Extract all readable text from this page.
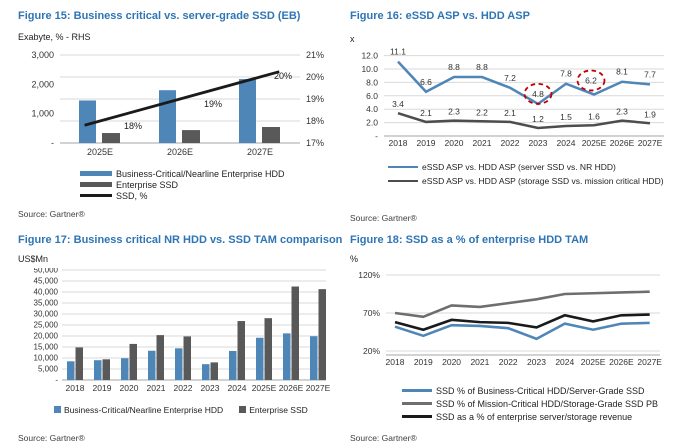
Figure 15: Business critical vs. server-grade SSD (EB)
Exabyte, % - RHS
21%
20%
19%
18%
17%
3,000
2,000
1,000
-
18%
19%
20%
2025E	2026E	2027E
Business-Critical/Nearline Enterprise HDD
Enterprise SSD
SSD, %
Source: Gartner®
Figure 16: eSSD ASP vs. HDD ASP
x
12.0
10.0
8.0
6.0
4.0
2.0
-
11.1
6.6
8.8 8.8
7.2
4.8
7.8
6.2
8.1 7.7
3.4
2.1 2.3 2.2 2.1
1.2 1.5 1.6 2.3 1.9
2018 2019 2020 2021 2022 2023 2024 2025E 2026E 2027E
eSSD ASP vs. HDD ASP (server SSD vs. NR HDD)
eSSD ASP vs. HDD ASP (storage SSD vs. mission critical HDD)
Source: Gartner®
Figure 17: Business critical NR HDD vs. SSD TAM comparison
US$Mn
50,000
45,000
40,000
35,000
30,000
25,000
20,000
15,000
10,000
5,000
-
2018 2019 2020 2021 2022 2023 2024 2025E 2026E 2027E
Business-Critical/Nearline Enterprise HDD	Enterprise SSD
Source: Gartner®
Figure 18: SSD as a % of enterprise HDD TAM
%
120%
70%
20%
2018 2019 2020 2021 2022 2023 2024 2025E 2026E 2027E
SSD % of Business-Critical HDD/Server-Grade SSD
SSD % of Mission-Critical HDD/Storage-Grade SSD PB
SSD as a % of enterprise server/storage revenue
Source: Gartner®
